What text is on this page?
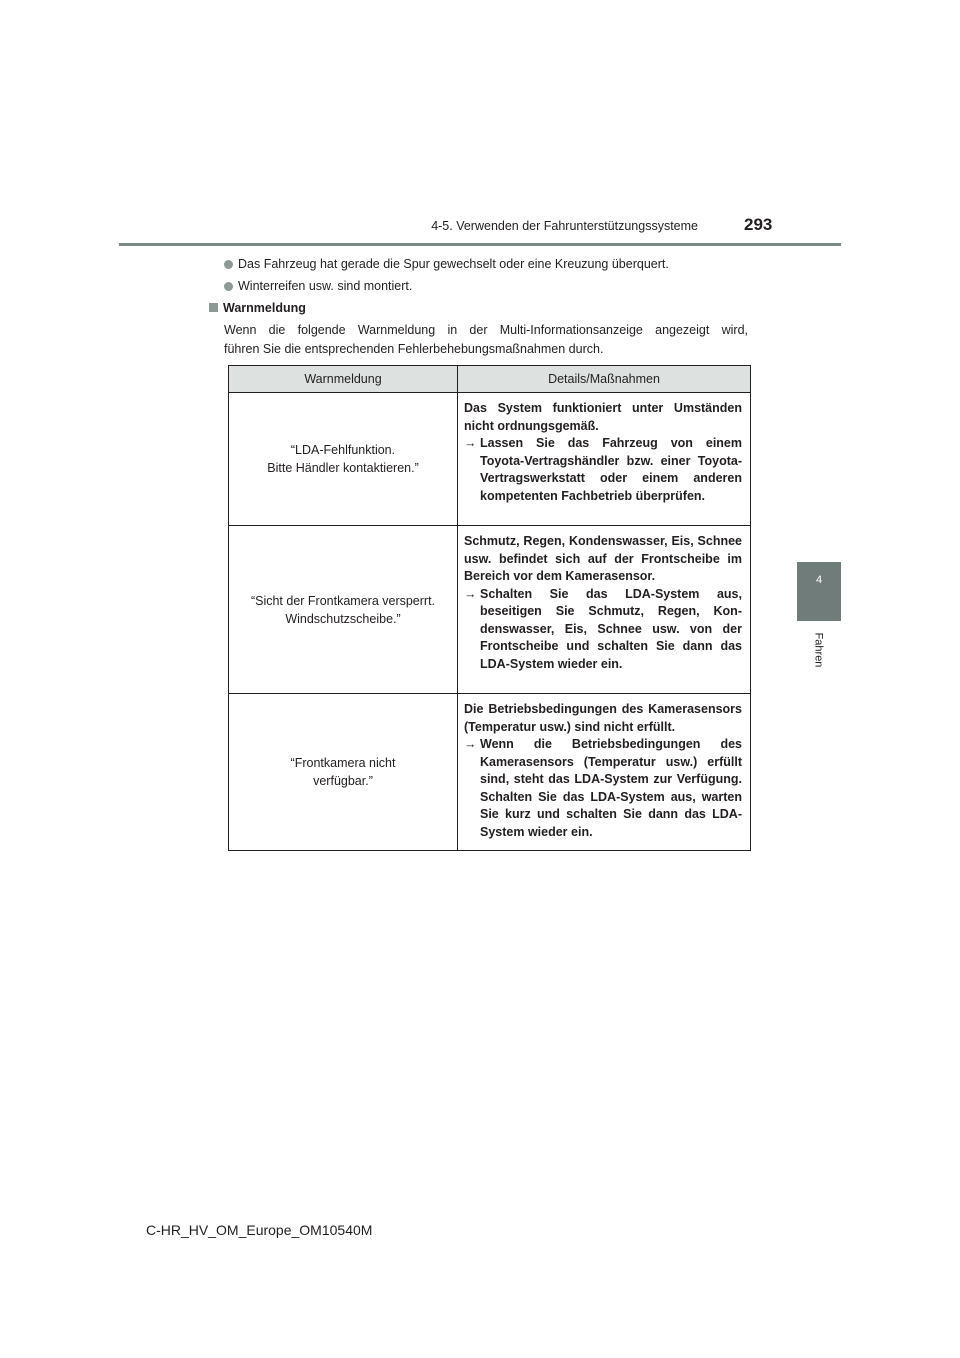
4-5. Verwenden der Fahrunterstützungssysteme	293
4
Fahren
Das Fahrzeug hat gerade die Spur gewechselt oder eine Kreuzung überquert.
Winterreifen usw. sind montiert.
Warnmeldung
Wenn die folgende Warnmeldung in der Multi-Informationsanzeige angezeigt wird,
führen Sie die entsprechenden Fehlerbehebungsmaßnahmen durch.
Warnmeldung	Details/Maßnahmen
“LDA-Fehlfunktion.
Bitte Händler kontaktieren.”	Das System funktioniert unter Umständen nicht ordnungsgemäß.
→ Lassen Sie das Fahrzeug von einem Toyota-Vertragshändler bzw. einer Toyota-Vertragswerkstatt oder einem anderen kompetenten Fachbetrieb überprüfen.

“Sicht der Frontkamera versperrt.
Windschutzscheibe.”	Schmutz, Regen, Kondenswasser, Eis, Schnee usw. befindet sich auf der Frontscheibe im Bereich vor dem Kamerasensor.
→ Schalten Sie das LDA-System aus, beseitigen Sie Schmutz, Regen, Kondenswasser, Eis, Schnee usw. von der Frontscheibe und schalten Sie dann das LDA-System wieder ein.

“Frontkamera nicht
verfügbar.”	Die Betriebsbedingungen des Kamerasensors (Temperatur usw.) sind nicht erfüllt.
→ Wenn die Betriebsbedingungen des Kamerasensors (Temperatur usw.) erfüllt sind, steht das LDA-System zur Verfügung. Schalten Sie das LDA-System aus, warten Sie kurz und schalten Sie dann das LDA-System wieder ein.
C-HR_HV_OM_Europe_OM10540M
